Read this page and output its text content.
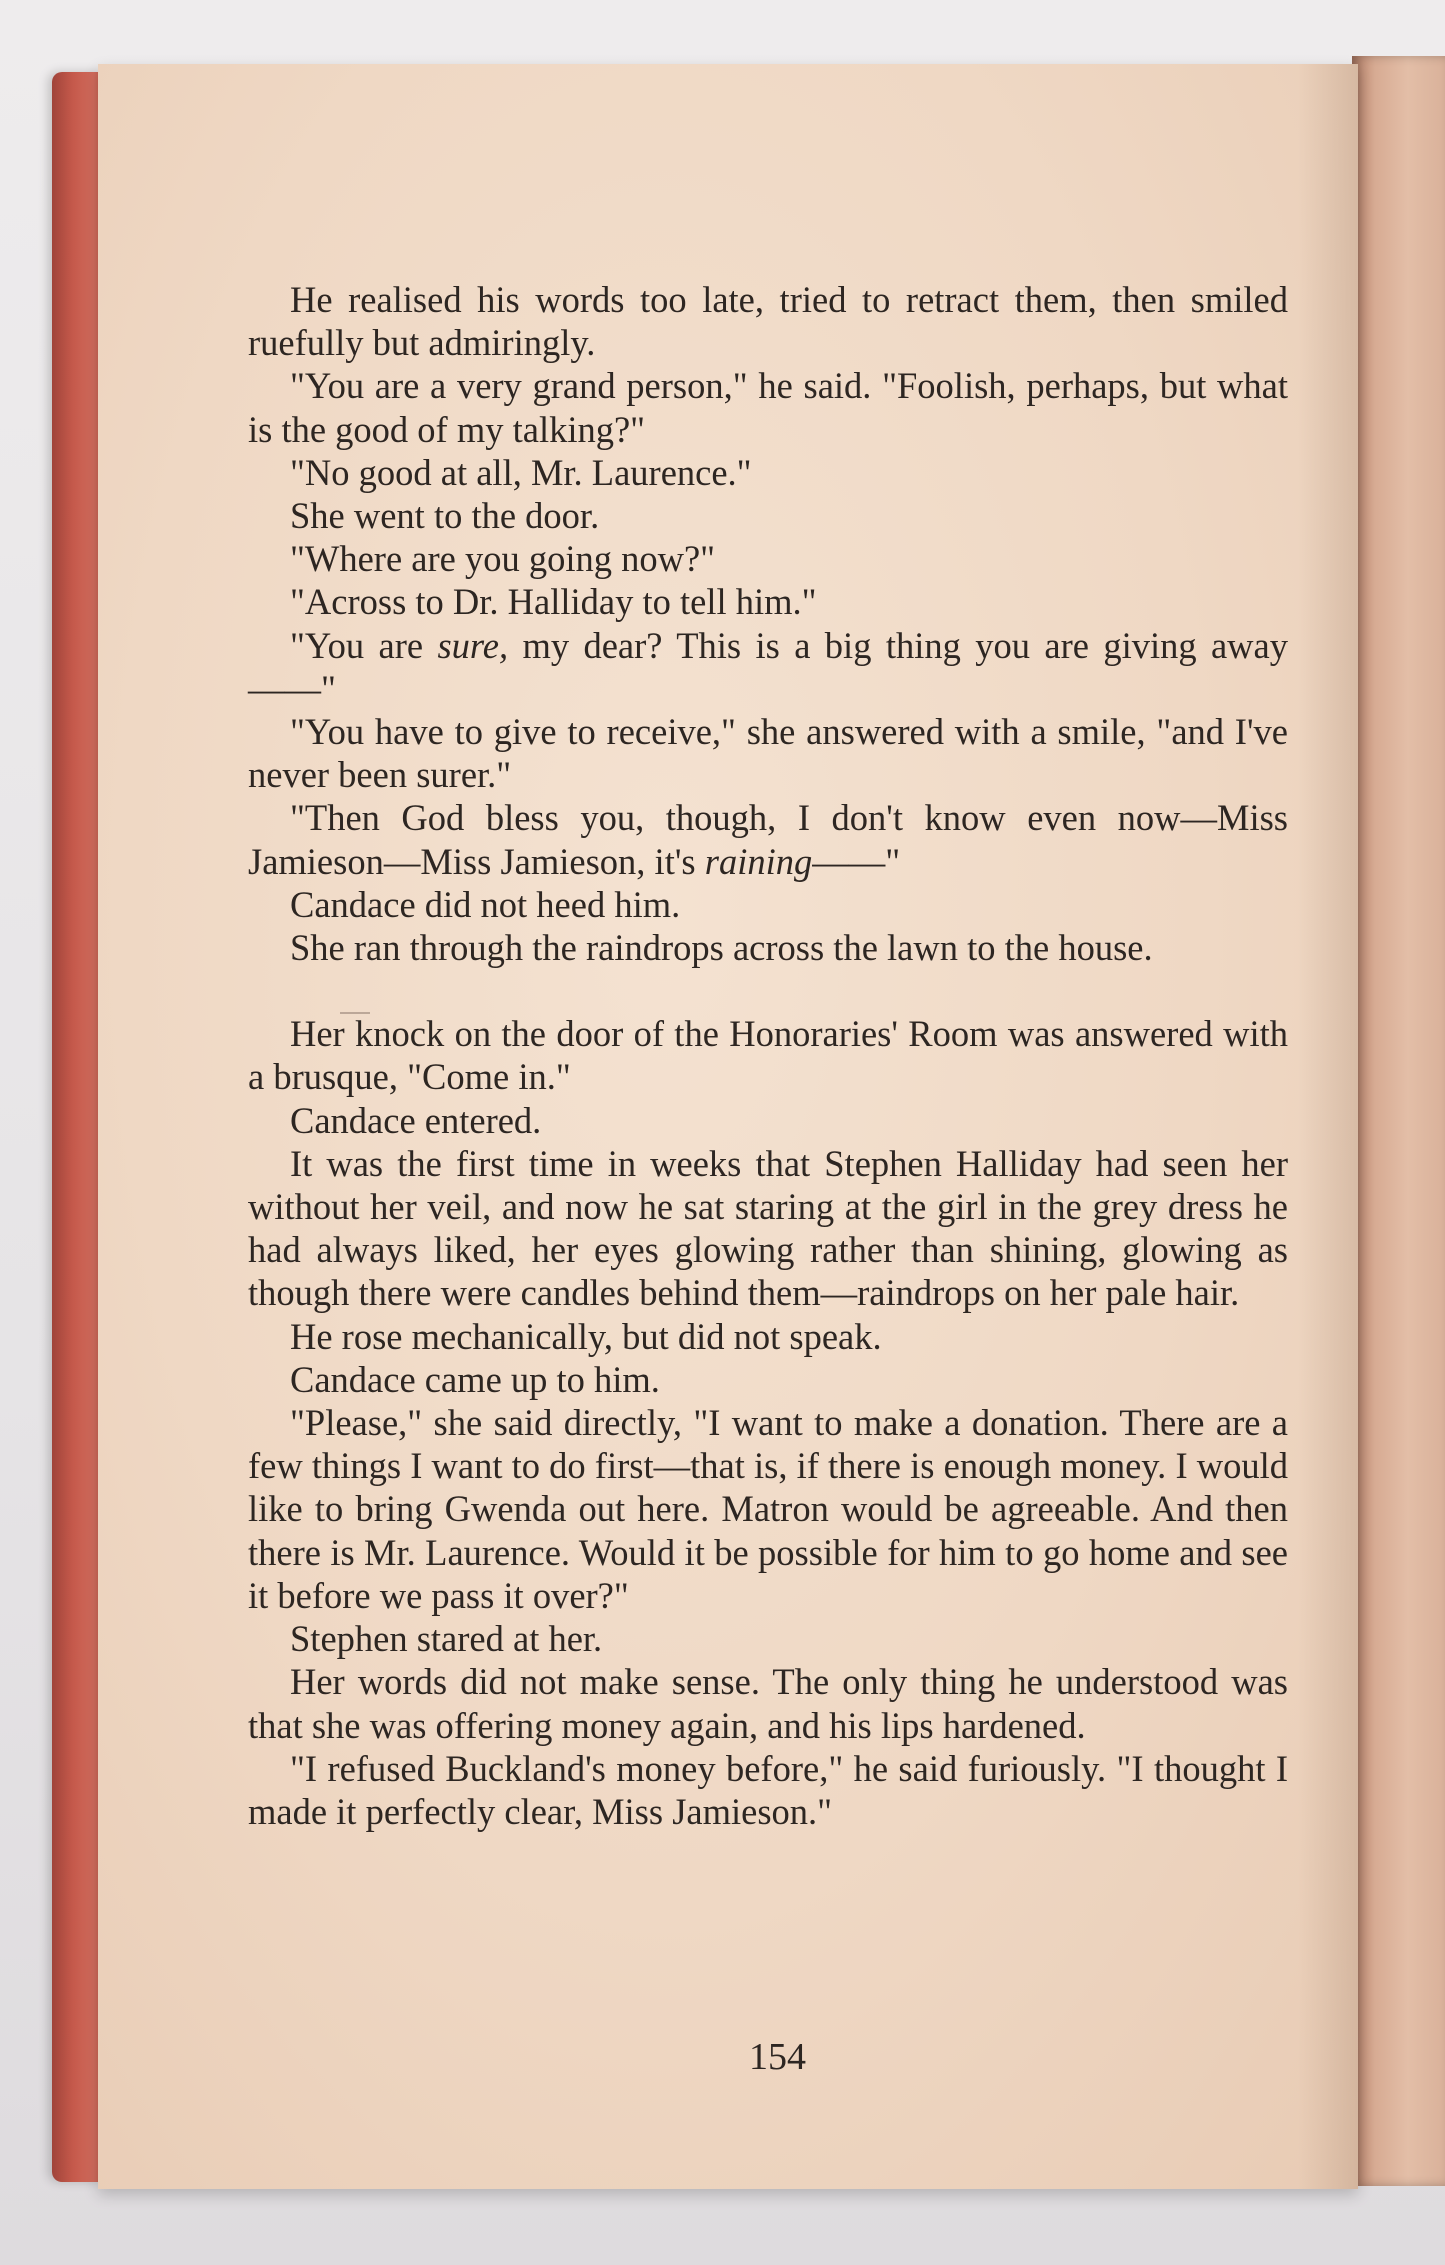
He realised his words too late, tried to retract them, then smiled ruefully but admiringly.

"You are a very grand person," he said. "Foolish, perhaps, but what is the good of my talking?"

"No good at all, Mr. Laurence."

She went to the door.

"Where are you going now?"

"Across to Dr. Halliday to tell him."

"You are sure, my dear? This is a big thing you are giving away——"

"You have to give to receive," she answered with a smile, "and I've never been surer."

"Then God bless you, though, I don't know even now—Miss Jamieson—Miss Jamieson, it's raining——"

Candace did not heed him.

She ran through the raindrops across the lawn to the house.

Her knock on the door of the Honoraries' Room was answered with a brusque, "Come in."

Candace entered.

It was the first time in weeks that Stephen Halliday had seen her without her veil, and now he sat staring at the girl in the grey dress he had always liked, her eyes glowing rather than shining, glowing as though there were candles behind them—raindrops on her pale hair.

He rose mechanically, but did not speak.

Candace came up to him.

"Please," she said directly, "I want to make a donation. There are a few things I want to do first—that is, if there is enough money. I would like to bring Gwenda out here. Matron would be agreeable. And then there is Mr. Laurence. Would it be possible for him to go home and see it before we pass it over?"

Stephen stared at her.

Her words did not make sense. The only thing he understood was that she was offering money again, and his lips hardened.

"I refused Buckland's money before," he said furiously. "I thought I made it perfectly clear, Miss Jamieson."

154
